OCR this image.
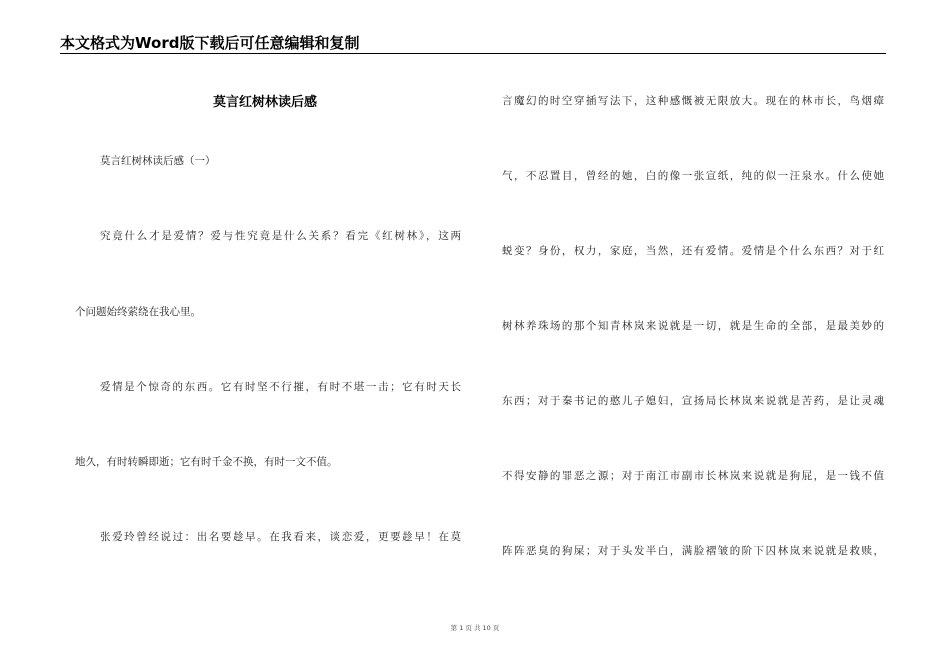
本文格式为Word版下载后可任意编辑和复制
莫言红树林读后感
莫言红树林读后感（一）
究竟什么才是爱情？爱与性究竟是什么关系？看完《红树林》，这两
个问题始终萦绕在我心里。
爱情是个惊奇的东西。它有时坚不行摧，有时不堪一击；它有时天长
地久，有时转瞬即逝；它有时千金不换，有时一文不值。
张爱玲曾经说过：出名要趁早。在我看来，谈恋爱，更要趁早！在莫
言魔幻的时空穿插写法下，这种感慨被无限放大。现在的林市长，鸟烟瘴
气，不忍置目，曾经的她，白的像一张宣纸，纯的似一汪泉水。什么使她
蜕变？身份，权力，家庭，当然，还有爱情。爱情是个什么东西？对于红
树林养珠场的那个知青林岚来说就是一切，就是生命的全部，是最美妙的
东西；对于秦书记的憨儿子媳妇，宣扬局长林岚来说就是苦药，是让灵魂
不得安静的罪恶之源；对于南江市副市长林岚来说就是狗屁，是一钱不值
阵阵恶臭的狗屎；对于头发半白，满脸褶皱的阶下囚林岚来说就是救赎，
第 1 页 共 10 页
